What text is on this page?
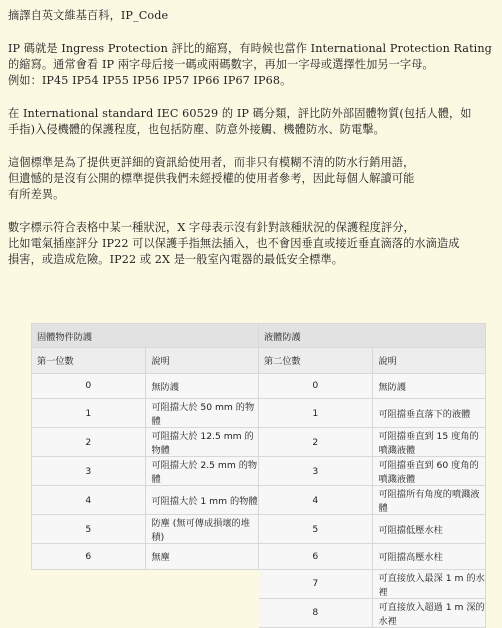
摘譯自英文維基百科，IP_Code
IP 碼就是 Ingress Protection 評比的縮寫，有時候也當作 International Protection Rating
的縮寫。通常會看 IP 兩字母后接一碼或兩碼數字，再加一字母或選擇性加另一字母。
例如：IP45 IP54 IP55 IP56 IP57 IP66 IP67 IP68。
在 International standard IEC 60529 的 IP 碼分類，評比防外部固體物質(包括人體，如
手指)入侵機體的保護程度，也包括防塵、防意外接觸、機體防水、防電擊。
這個標準是為了提供更詳細的資訊給使用者，而非只有模糊不清的防水行銷用語，
但遺憾的是沒有公開的標準提供我們未經授權的使用者參考，因此每個人解讀可能
有所差異。
數字標示符合表格中某一種狀況，X 字母表示沒有針對該種狀況的保護程度評分，
比如電氣插座評分 IP22 可以保護手指無法插入，也不會因垂直或接近垂直滴落的水滴造成
損害，或造成危險。IP22 或 2X 是一般室內電器的最低安全標準。
固體物件防護		液體防護	
第一位數	說明	第二位數	說明
0	無防護	0	無防護
1	可阻擋大於 50 mm 的物體	1	可阻擋垂直落下的液體
2	可阻擋大於 12.5 mm 的物體	2	可阻擋垂直到 15 度角的噴濺液體
3	可阻擋大於 2.5 mm 的物體	3	可阻擋垂直到 60 度角的噴濺液體
4	可阻擋大於 1 mm 的物體	4	可阻擋所有角度的噴濺液體
5	防塵 (無可傳成損壞的堆積)	5	可阻擋低壓水柱
6	無塵	6	可阻擋高壓水柱
		7	可直接放入最深 1 m 的水裡
		8	可直接放入超過 1 m 深的水裡
